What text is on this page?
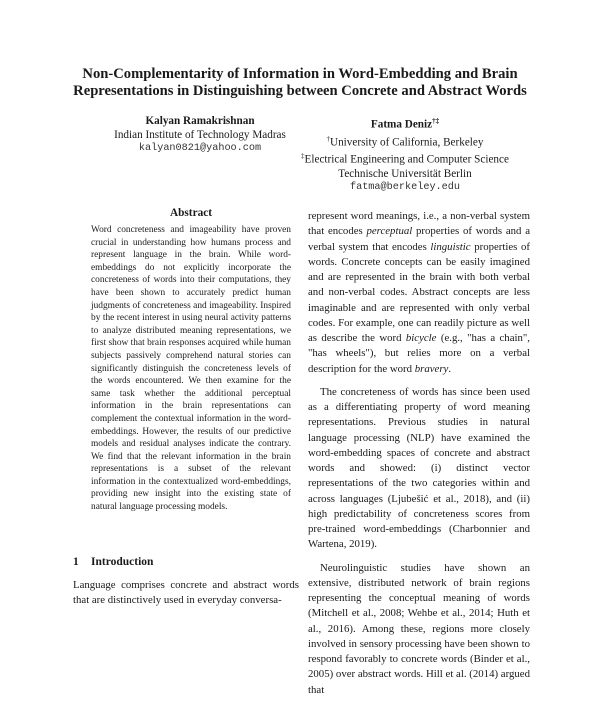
Non-Complementarity of Information in Word-Embedding and Brain Representations in Distinguishing between Concrete and Abstract Words
Kalyan Ramakrishnan
Indian Institute of Technology Madras
kalyan0821@yahoo.com
Fatma Deniz†‡
†University of California, Berkeley
‡Electrical Engineering and Computer Science
Technische Universität Berlin
fatma@berkeley.edu
Abstract

Word concreteness and imageability have proven crucial in understanding how humans process and represent language in the brain. While word-embeddings do not explicitly incorporate the concreteness of words into their computations, they have been shown to accurately predict human judgments of concreteness and imageability. Inspired by the recent interest in using neural activity patterns to analyze distributed meaning representations, we first show that brain responses acquired while human subjects passively comprehend natural stories can significantly distinguish the concreteness levels of the words encountered. We then examine for the same task whether the additional perceptual information in the brain representations can complement the contextual information in the word-embeddings. However, the results of our predictive models and residual analyses indicate the contrary. We find that the relevant information in the brain representations is a subset of the relevant information in the contextualized word-embeddings, providing new insight into the existing state of natural language processing models.

1 Introduction

Language comprises concrete and abstract words that are distinctively used in everyday conversa-

represent word meanings, i.e., a non-verbal system that encodes perceptual properties of words and a verbal system that encodes linguistic properties of words. Concrete concepts can be easily imagined and are represented in the brain with both verbal and non-verbal codes. Abstract concepts are less imaginable and are represented with only verbal codes. For example, one can readily picture as well as describe the word bicycle (e.g., "has a chain", "has wheels"), but relies more on a verbal description for the word bravery.

The concreteness of words has since been used as a differentiating property of word meaning representations. Previous studies in natural language processing (NLP) have examined the word-embedding spaces of concrete and abstract words and showed: (i) distinct vector representations of the two categories within and across languages (Ljubešić et al., 2018), and (ii) high predictability of concreteness scores from pre-trained word-embeddings (Charbonnier and Wartena, 2019).

Neurolinguistic studies have shown an extensive, distributed network of brain regions representing the conceptual meaning of words (Mitchell et al., 2008; Wehbe et al., 2014; Huth et al., 2016). Among these, regions more closely involved in sensory processing have been shown to respond favorably to concrete words (Binder et al., 2005) over abstract words. Hill et al. (2014) argued that
